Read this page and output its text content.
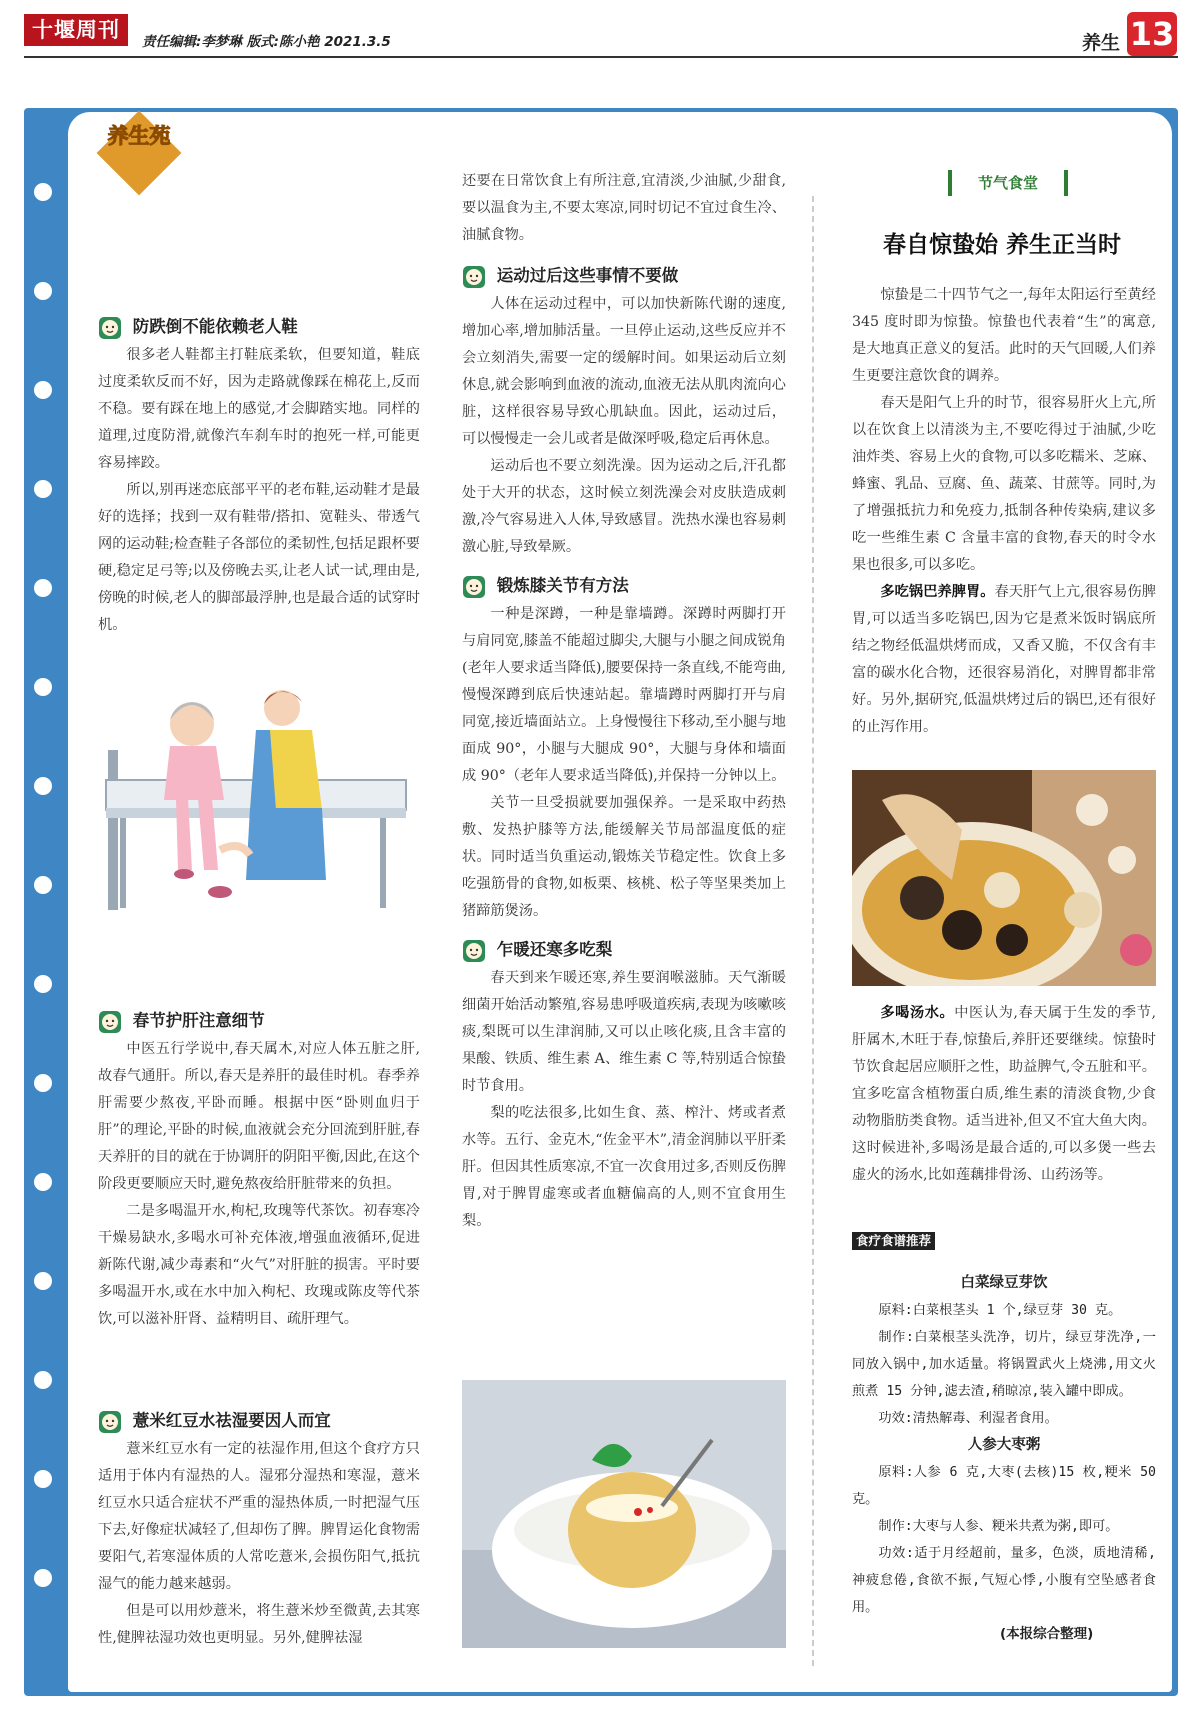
十堰周刊	责任编辑:李梦琳 版式:陈小艳 2021.3.5	养生 13
养生苑
防跌倒不能依赖老人鞋

很多老人鞋都主打鞋底柔软，但要知道，鞋底过度柔软反而不好，因为走路就像踩在棉花上,反而不稳。要有踩在地上的感觉,才会脚踏实地。同样的道理,过度防滑,就像汽车刹车时的抱死一样,可能更容易摔跤。

所以,别再迷恋底部平平的老布鞋,运动鞋才是最好的选择；找到一双有鞋带/搭扣、宽鞋头、带透气网的运动鞋;检查鞋子各部位的柔韧性,包括足跟杯要硬,稳定足弓等;以及傍晚去买,让老人试一试,理由是,傍晚的时候,老人的脚部最浮肿,也是最合适的试穿时机。

春节护肝注意细节

中医五行学说中,春天属木,对应人体五脏之肝,故春气通肝。所以,春天是养肝的最佳时机。春季养肝需要少熬夜,平卧而睡。根据中医“卧则血归于肝”的理论,平卧的时候,血液就会充分回流到肝脏,春天养肝的目的就在于协调肝的阴阳平衡,因此,在这个阶段更要顺应天时,避免熬夜给肝脏带来的负担。

二是多喝温开水,枸杞,玫瑰等代茶饮。初春寒冷干燥易缺水,多喝水可补充体液,增强血液循环,促进新陈代谢,减少毒素和“火气”对肝脏的损害。平时要多喝温开水,或在水中加入枸杞、玫瑰或陈皮等代茶饮,可以滋补肝肾、益精明目、疏肝理气。

薏米红豆水祛湿要因人而宜

薏米红豆水有一定的祛湿作用,但这个食疗方只适用于体内有湿热的人。湿邪分湿热和寒湿，薏米红豆水只适合症状不严重的湿热体质,一时把湿气压下去,好像症状减轻了,但却伤了脾。脾胃运化食物需要阳气,若寒湿体质的人常吃薏米,会损伤阳气,抵抗湿气的能力越来越弱。

但是可以用炒薏米，将生薏米炒至微黄,去其寒性,健脾祛湿功效也更明显。另外,健脾祛湿

还要在日常饮食上有所注意,宜清淡,少油腻,少甜食,要以温食为主,不要太寒凉,同时切记不宜过食生冷、油腻食物。

运动过后这些事情不要做

人体在运动过程中，可以加快新陈代谢的速度,增加心率,增加肺活量。一旦停止运动,这些反应并不会立刻消失,需要一定的缓解时间。如果运动后立刻休息,就会影响到血液的流动,血液无法从肌肉流向心脏，这样很容易导致心肌缺血。因此，运动过后，可以慢慢走一会儿或者是做深呼吸,稳定后再休息。

运动后也不要立刻洗澡。因为运动之后,汗孔都处于大开的状态，这时候立刻洗澡会对皮肤造成刺激,冷气容易进入人体,导致感冒。洗热水澡也容易刺激心脏,导致晕厥。

锻炼膝关节有方法

一种是深蹲，一种是靠墙蹲。深蹲时两脚打开与肩同宽,膝盖不能超过脚尖,大腿与小腿之间成锐角(老年人要求适当降低),腰要保持一条直线,不能弯曲,慢慢深蹲到底后快速站起。靠墙蹲时两脚打开与肩同宽,接近墙面站立。上身慢慢往下移动,至小腿与地面成 90°，小腿与大腿成 90°，大腿与身体和墙面成 90°（老年人要求适当降低),并保持一分钟以上。

关节一旦受损就要加强保养。一是采取中药热敷、发热护膝等方法,能缓解关节局部温度低的症状。同时适当负重运动,锻炼关节稳定性。饮食上多吃强筋骨的食物,如板栗、核桃、松子等坚果类加上猪蹄筋煲汤。

乍暖还寒多吃梨

春天到来乍暖还寒,养生要润喉滋肺。天气渐暖细菌开始活动繁殖,容易患呼吸道疾病,表现为咳嗽咳痰,梨既可以生津润肺,又可以止咳化痰,且含丰富的果酸、铁质、维生素 A、维生素 C 等,特别适合惊蛰时节食用。

梨的吃法很多,比如生食、蒸、榨汁、烤或者煮水等。五行、金克木,“佐金平木”,清金润肺以平肝柔肝。但因其性质寒凉,不宜一次食用过多,否则反伤脾胃,对于脾胃虚寒或者血糖偏高的人,则不宜食用生梨。

节气食堂
春自惊蛰始 养生正当时

惊蛰是二十四节气之一,每年太阳运行至黄经 345 度时即为惊蛰。惊蛰也代表着“生”的寓意,是大地真正意义的复活。此时的天气回暖,人们养生更要注意饮食的调养。

春天是阳气上升的时节，很容易肝火上亢,所以在饮食上以清淡为主,不要吃得过于油腻,少吃油炸类、容易上火的食物,可以多吃糯米、芝麻、蜂蜜、乳品、豆腐、鱼、蔬菜、甘蔗等。同时,为了增强抵抗力和免疫力,抵制各种传染病,建议多吃一些维生素 C 含量丰富的食物,春天的时令水果也很多,可以多吃。

多吃锅巴养脾胃。春天肝气上亢,很容易伤脾胃,可以适当多吃锅巴,因为它是煮米饭时锅底所结之物经低温烘烤而成，又香又脆，不仅含有丰富的碳水化合物，还很容易消化，对脾胃都非常好。另外,据研究,低温烘烤过后的锅巴,还有很好的止泻作用。

多喝汤水。中医认为,春天属于生发的季节,肝属木,木旺于春,惊蛰后,养肝还要继续。惊蛰时节饮食起居应顺肝之性，助益脾气,令五脏和平。宜多吃富含植物蛋白质,维生素的清淡食物,少食动物脂肪类食物。适当进补,但又不宜大鱼大肉。这时候进补,多喝汤是最合适的,可以多煲一些去虚火的汤水,比如莲藕排骨汤、山药汤等。

食疗食谱推荐
白菜绿豆芽饮

原料:白菜根茎头 1 个,绿豆芽 30 克。

制作:白菜根茎头洗净，切片，绿豆芽洗净,一同放入锅中,加水适量。将锅置武火上烧沸,用文火煎煮 15 分钟,滤去渣,稍晾凉,装入罐中即成。

功效:清热解毒、利湿者食用。

人参大枣粥

原料:人参 6 克,大枣(去核)15 枚,粳米 50 克。

制作:大枣与人参、粳米共煮为粥,即可。

功效:适于月经超前，量多，色淡，质地清稀,神疲怠倦,食欲不振,气短心悸,小腹有空坠感者食用。

(本报综合整理)
